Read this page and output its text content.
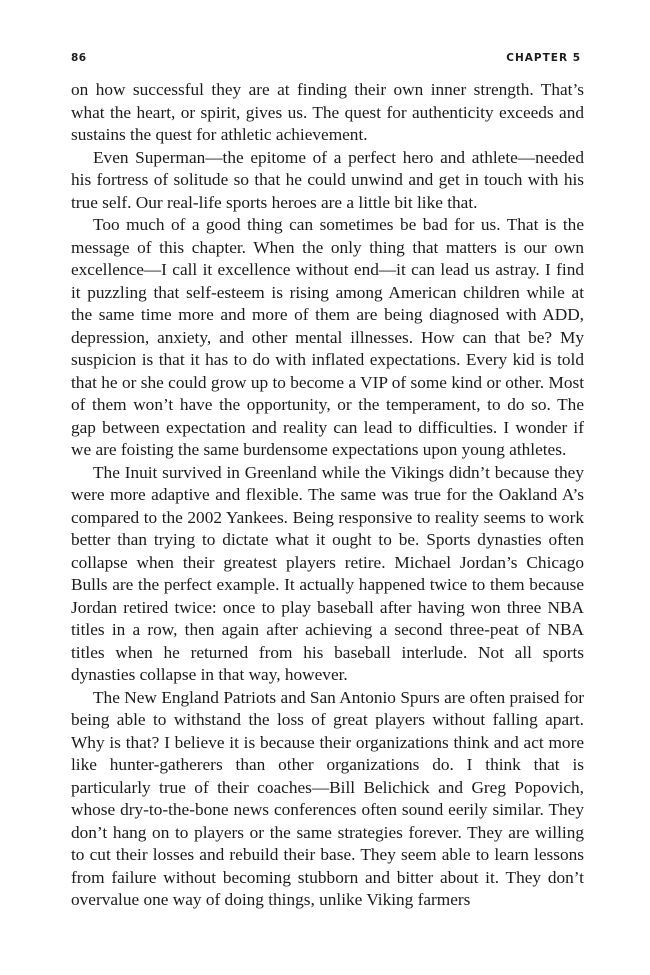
86	CHAPTER 5

on how successful they are at finding their own inner strength. That’s what the heart, or spirit, gives us. The quest for authenticity exceeds and sustains the quest for athletic achievement.

Even Superman—the epitome of a perfect hero and athlete—needed his fortress of solitude so that he could unwind and get in touch with his true self. Our real-life sports heroes are a little bit like that.

Too much of a good thing can sometimes be bad for us. That is the message of this chapter. When the only thing that matters is our own excellence—I call it excellence without end—it can lead us astray. I find it puzzling that self-esteem is rising among American children while at the same time more and more of them are being diagnosed with ADD, depression, anxiety, and other mental illnesses. How can that be? My suspicion is that it has to do with inflated expectations. Every kid is told that he or she could grow up to become a VIP of some kind or other. Most of them won’t have the opportunity, or the temperament, to do so. The gap between expectation and reality can lead to difficulties. I wonder if we are foisting the same burdensome expectations upon young athletes.

The Inuit survived in Greenland while the Vikings didn’t because they were more adaptive and flexible. The same was true for the Oakland A’s compared to the 2002 Yankees. Being responsive to reality seems to work better than trying to dictate what it ought to be. Sports dynasties often collapse when their greatest players retire. Michael Jordan’s Chicago Bulls are the perfect example. It actually happened twice to them because Jordan retired twice: once to play baseball after having won three NBA titles in a row, then again after achieving a second three-peat of NBA titles when he returned from his baseball interlude. Not all sports dynasties collapse in that way, however.

The New England Patriots and San Antonio Spurs are often praised for being able to withstand the loss of great players without falling apart. Why is that? I believe it is because their organizations think and act more like hunter-gatherers than other organizations do. I think that is particularly true of their coaches—Bill Belichick and Greg Popovich, whose dry-to-the-bone news conferences often sound eerily similar. They don’t hang on to players or the same strategies forever. They are willing to cut their losses and rebuild their base. They seem able to learn lessons from failure without becoming stubborn and bitter about it. They don’t overvalue one way of doing things, unlike Viking farmers
